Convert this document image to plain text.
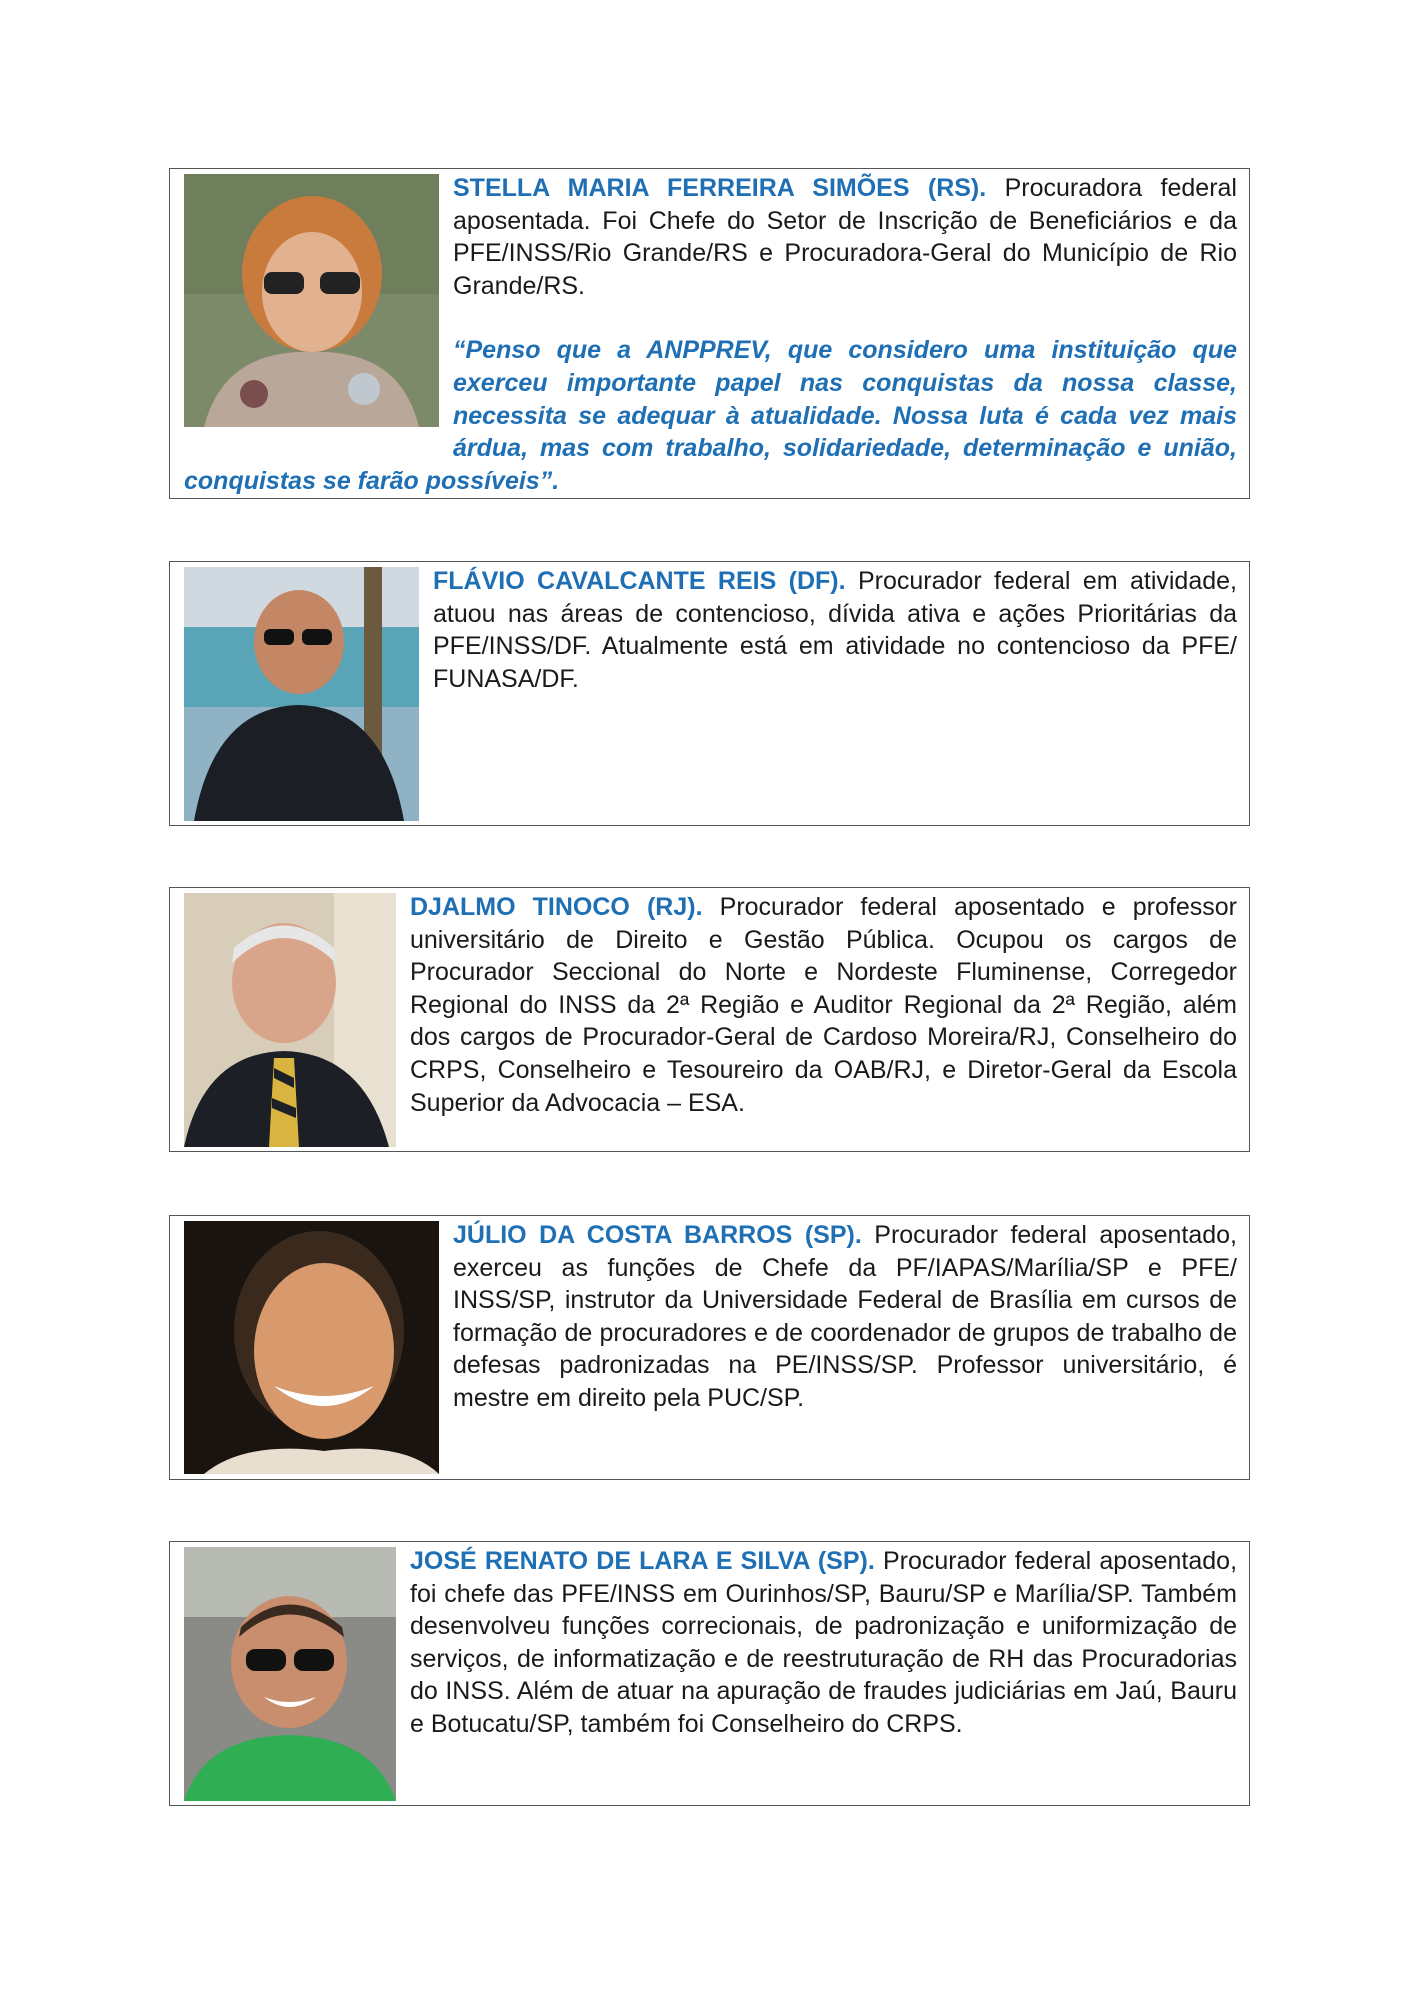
STELLA MARIA FERREIRA SIMÕES (RS). Procuradora federal aposentada. Foi Chefe do Setor de Inscrição de Beneficiários e da PFE/INSS/Rio Grande/RS e Procuradora-Geral do Município de Rio Grande/RS.
“Penso que a ANPPREV, que considero uma instituição que exerceu importante papel nas conquistas da nossa classe, necessita se adequar à atualidade. Nossa luta é cada vez mais árdua, mas com trabalho, solidariedade, determinação e união, conquistas se farão possíveis”.
FLÁVIO CAVALCANTE REIS (DF). Procurador federal em atividade, atuou nas áreas de contencioso, dívida ativa e ações Prioritárias da PFE/INSS/DF. Atualmente está em atividade no contencioso da PFE/ FUNASA/DF.
DJALMO TINOCO (RJ). Procurador federal aposentado e professor universitário de Direito e Gestão Pública. Ocupou os cargos de Procurador Seccional do Norte e Nordeste Fluminense, Corregedor Regional do INSS da 2ª Região e Auditor Regional da 2ª Região, além dos cargos de Procurador-Geral de Cardoso Moreira/RJ, Conselheiro do CRPS, Conselheiro e Tesoureiro da OAB/RJ, e Diretor-Geral da Escola Superior da Advocacia – ESA.
JÚLIO DA COSTA BARROS (SP). Procurador federal aposentado, exerceu as funções de Chefe da PF/IAPAS/Marília/SP e PFE/ INSS/SP, instrutor da Universidade Federal de Brasília em cursos de formação de procuradores e de coordenador de grupos de trabalho de defesas padronizadas na PE/INSS/SP. Professor universitário, é mestre em direito pela PUC/SP.
JOSÉ RENATO DE LARA E SILVA (SP). Procurador federal aposentado, foi chefe das PFE/INSS em Ourinhos/SP, Bauru/SP e Marília/SP. Também desenvolveu funções correcionais, de padronização e uniformização de serviços, de informatização e de reestruturação de RH das Procuradorias do INSS. Além de atuar na apuração de fraudes judiciárias em Jaú, Bauru e Botucatu/SP, também foi Conselheiro do CRPS.
